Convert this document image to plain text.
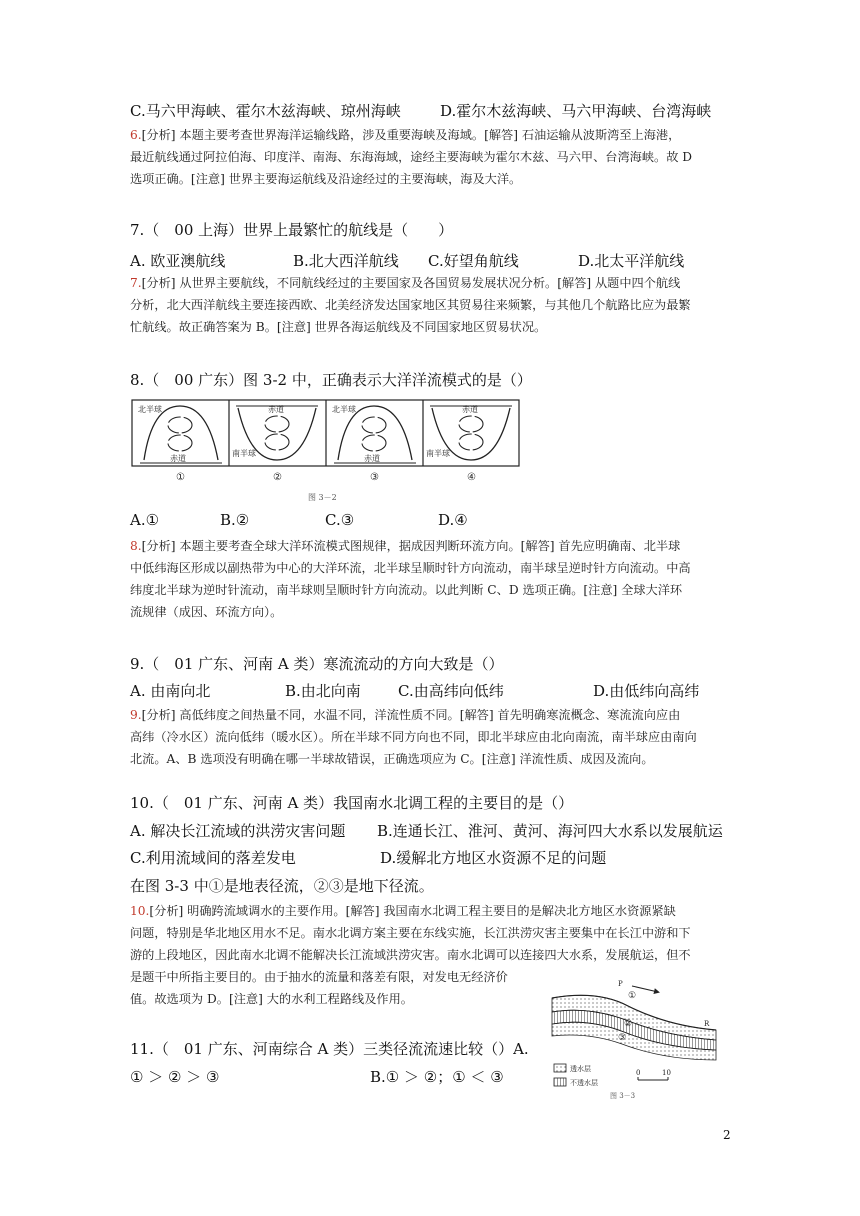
C.马六甲海峡、霍尔木兹海峡、琼州海峡	D.霍尔木兹海峡、马六甲海峡、台湾海峡
6.[分析] 本题主要考查世界海洋运输线路，涉及重要海峡及海域。[解答] 石油运输从波斯湾至上海港，
最近航线通过阿拉伯海、印度洋、南海、东海海域，途经主要海峡为霍尔木兹、马六甲、台湾海峡。故 D
选项正确。[注意] 世界主要海运航线及沿途经过的主要海峡，海及大洋。
7.（　00 上海）世界上最繁忙的航线是（　　）
A. 欧亚澳航线	B.北大西洋航线 C.好望角航线	D.北太平洋航线
7.[分析] 从世界主要航线，不同航线经过的主要国家及各国贸易发展状况分析。[解答] 从题中四个航线
分析，北大西洋航线主要连接西欧、北美经济发达国家地区其贸易往来频繁，与其他几个航路比应为最繁
忙航线。故正确答案为 B。[注意] 世界各海运航线及不同国家地区贸易状况。
8.（　00 广东）图 3-2 中，正确表示大洋洋流模式的是（）
北半球
赤道
赤道
南半球
北半球
赤道
赤道
南半球
①	②	③	④
图 3－2
A.①	B.②	C.③	D.④
8.[分析] 本题主要考查全球大洋环流模式图规律，据成因判断环流方向。[解答] 首先应明确南、北半球
中低纬海区形成以副热带为中心的大洋环流，北半球呈顺时针方向流动，南半球呈逆时针方向流动。中高
纬度北半球为逆时针流动，南半球则呈顺时针方向流动。以此判断 C、D 选项正确。[注意] 全球大洋环
流规律（成因、环流方向）。
9.（　01 广东、河南 A 类）寒流流动的方向大致是（）
A. 由南向北	B.由北向南 C.由高纬向低纬	D.由低纬向高纬
9.[分析] 高低纬度之间热量不同，水温不同，洋流性质不同。[解答] 首先明确寒流概念、寒流流向应由
高纬（冷水区）流向低纬（暖水区）。所在半球不同方向也不同，即北半球应由北向南流，南半球应由南向
北流。A、B 选项没有明确在哪一半球故错误，正确选项应为 C。[注意] 洋流性质、成因及流向。
10.（　01 广东、河南 A 类）我国南水北调工程的主要目的是（）
A. 解决长江流域的洪涝灾害问题 B.连通长江、淮河、黄河、海河四大水系以发展航运
C.利用流域间的落差发电	D.缓解北方地区水资源不足的问题
在图 3-3 中①是地表径流，②③是地下径流。
10.[分析] 明确跨流域调水的主要作用。[解答] 我国南水北调工程主要目的是解决北方地区水资源紧缺
问题，特别是华北地区用水不足。南水北调方案主要在东线实施，长江洪涝灾害主要集中在长江中游和下
游的上段地区，因此南水北调不能解决长江流域洪涝灾害。南水北调可以连接四大水系，发展航运，但不
是题干中所指主要目的。由于抽水的流量和落差有限，对发电无经济价
值。故选项为 D。[注意] 大的水利工程路线及作用。
11.（　01 广东、河南综合 A 类）三类径流流速比较（）A.
① ＞ ② ＞ ③	B.① ＞ ②；① ＜ ③
P
R
①
②
③
透水层
不透水层
0	10
图 3－3
2
